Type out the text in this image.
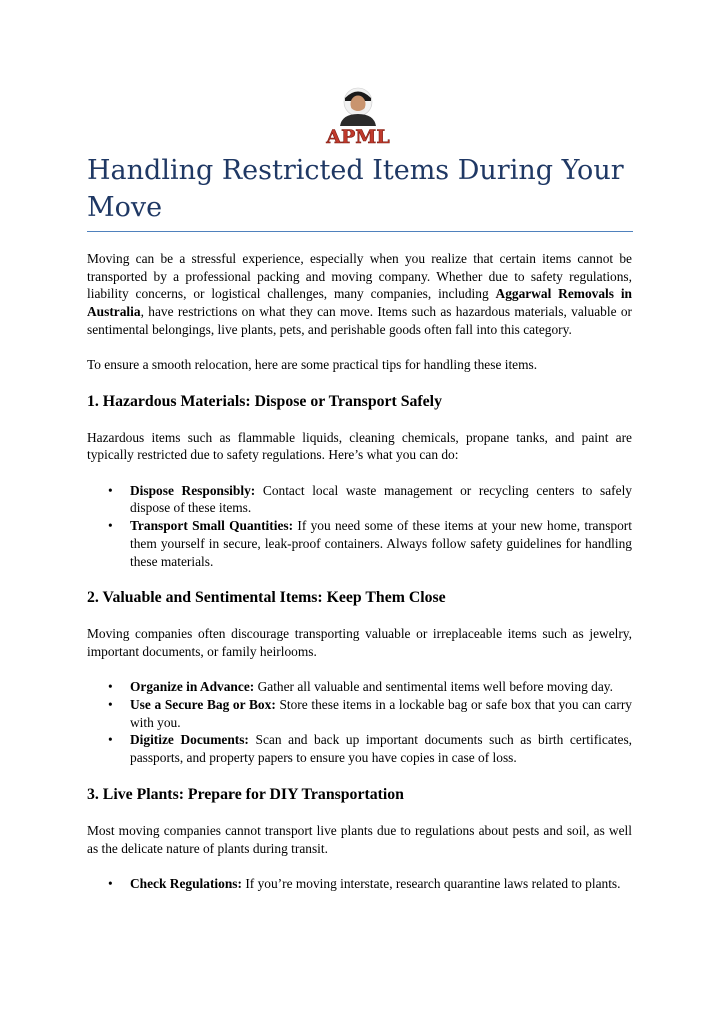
APML
Handling Restricted Items During Your Move

Moving can be a stressful experience, especially when you realize that certain items cannot be transported by a professional packing and moving company. Whether due to safety regulations, liability concerns, or logistical challenges, many companies, including Aggarwal Removals in Australia, have restrictions on what they can move. Items such as hazardous materials, valuable or sentimental belongings, live plants, pets, and perishable goods often fall into this category.

To ensure a smooth relocation, here are some practical tips for handling these items.

1. Hazardous Materials: Dispose or Transport Safely

Hazardous items such as flammable liquids, cleaning chemicals, propane tanks, and paint are typically restricted due to safety regulations. Here’s what you can do:

• Dispose Responsibly: Contact local waste management or recycling centers to safely dispose of these items.
• Transport Small Quantities: If you need some of these items at your new home, transport them yourself in secure, leak-proof containers. Always follow safety guidelines for handling these materials.
2. Valuable and Sentimental Items: Keep Them Close

Moving companies often discourage transporting valuable or irreplaceable items such as jewelry, important documents, or family heirlooms.

• Organize in Advance: Gather all valuable and sentimental items well before moving day.
• Use a Secure Bag or Box: Store these items in a lockable bag or safe box that you can carry with you.
• Digitize Documents: Scan and back up important documents such as birth certificates, passports, and property papers to ensure you have copies in case of loss.
3. Live Plants: Prepare for DIY Transportation

Most moving companies cannot transport live plants due to regulations about pests and soil, as well as the delicate nature of plants during transit.

• Check Regulations: If you’re moving interstate, research quarantine laws related to plants.
